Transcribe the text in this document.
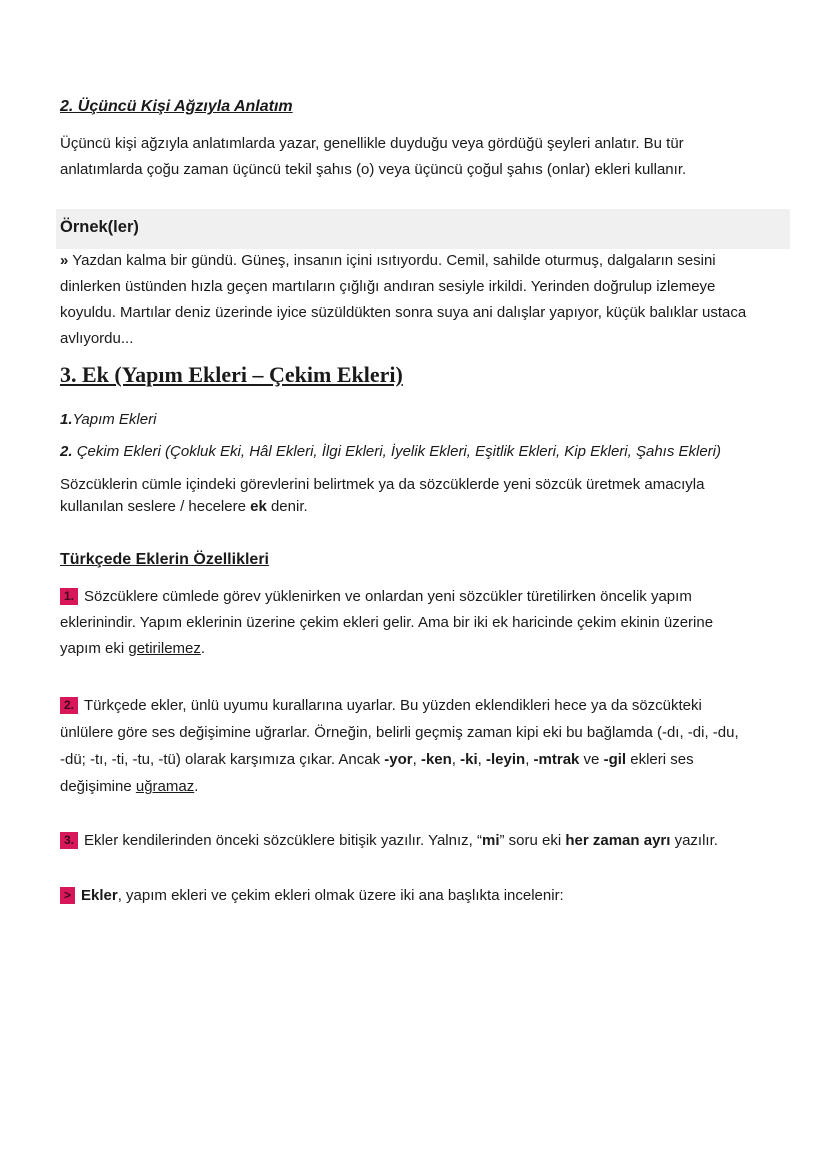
2. Üçüncü Kişi Ağzıyla Anlatım
Üçüncü kişi ağzıyla anlatımlarda yazar, genellikle duyduğu veya gördüğü şeyleri anlatır. Bu tür
anlatımlarda çoğu zaman üçüncü tekil şahıs (o) veya üçüncü çoğul şahıs (onlar) ekleri kullanır.
Örnek(ler)
» Yazdan kalma bir gündü. Güneş, insanın içini ısıtıyordu. Cemil, sahilde oturmuş, dalgaların sesini
dinlerken üstünden hızla geçen martıların çığlığı andıran sesiyle irkildi. Yerinden doğrulup izlemeye
koyuldu. Martılar deniz üzerinde iyice süzüldükten sonra suya ani dalışlar yapıyor, küçük balıklar ustaca
avlıyordu...
3. Ek (Yapım Ekleri – Çekim Ekleri)
1.Yapım Ekleri
2. Çekim Ekleri (Çokluk Eki, Hâl Ekleri, İlgi Ekleri, İyelik Ekleri, Eşitlik Ekleri, Kip Ekleri, Şahıs Ekleri)
Sözcüklerin cümle içindeki görevlerini belirtmek ya da sözcüklerde yeni sözcük üretmek amacıyla
kullanılan seslere / hecelere ek denir.
Türkçede Eklerin Özellikleri
1. Sözcüklere cümlede görev yüklenirken ve onlardan yeni sözcükler türetilirken öncelik yapım
eklerinindir. Yapım eklerinin üzerine çekim ekleri gelir. Ama bir iki ek haricinde çekim ekinin üzerine
yapım eki getirilemez.
2. Türkçede ekler, ünlü uyumu kurallarına uyarlar. Bu yüzden eklendikleri hece ya da sözcükteki
ünlülere göre ses değişimine uğrarlar. Örneğin, belirli geçmiş zaman kipi eki bu bağlamda (-dı, -di, -du,
-dü; -tı, -ti, -tu, -tü) olarak karşımıza çıkar. Ancak -yor, -ken, -ki, -leyin, -mtrak ve -gil ekleri ses
değişimine uğramaz.
3. Ekler kendilerinden önceki sözcüklere bitişik yazılır. Yalnız, “mi” soru eki her zaman ayrı yazılır.
> Ekler, yapım ekleri ve çekim ekleri olmak üzere iki ana başlıkta incelenir:
